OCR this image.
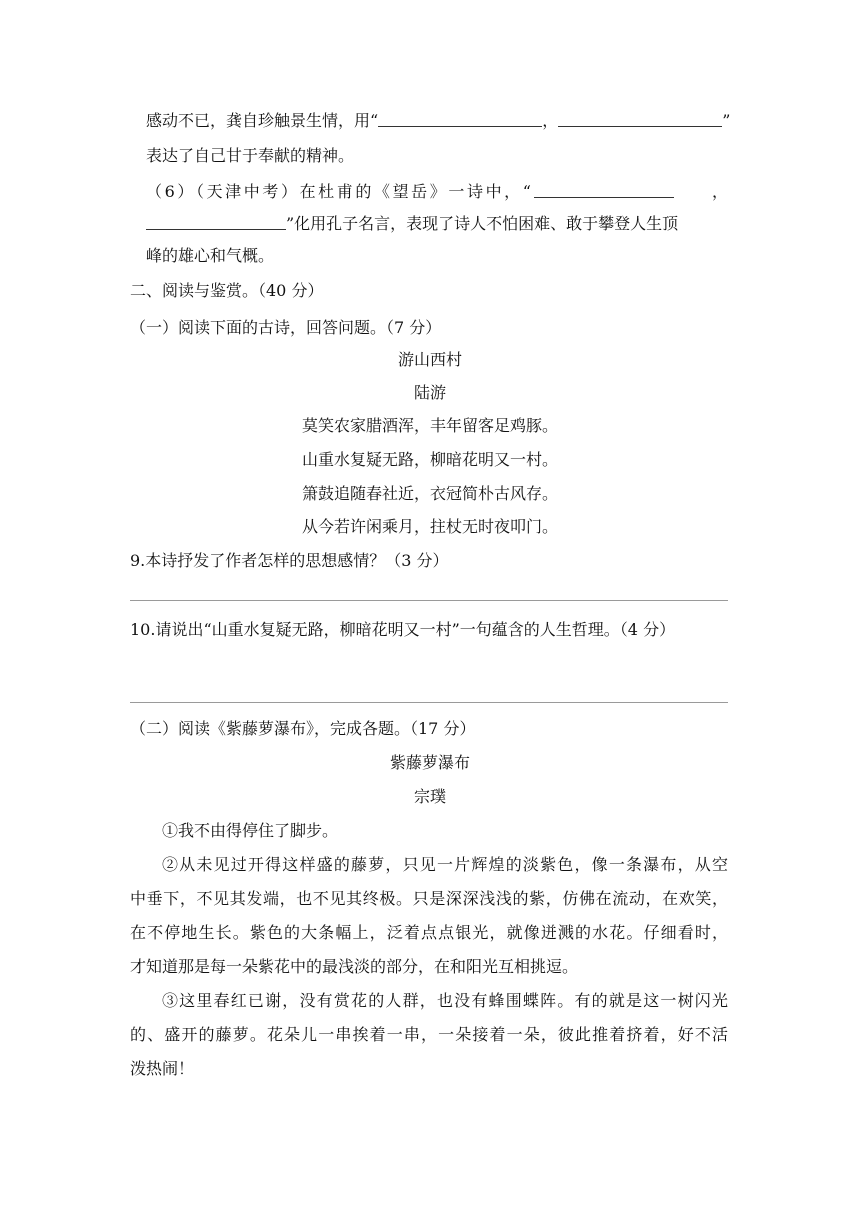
感动不已，龚自珍触景生情，用“	，	”
表达了自己甘于奉献的精神。
（6）（天津中考）在杜甫的《望岳》一诗中，“	，
”化用孔子名言，表现了诗人不怕困难、敢于攀登人生顶
峰的雄心和气概。
二、阅读与鉴赏。（40 分）
（一）阅读下面的古诗，回答问题。（7 分）
游山西村
陆游
莫笑农家腊酒浑，丰年留客足鸡豚。
山重水复疑无路，柳暗花明又一村。
箫鼓追随春社近，衣冠简朴古风存。
从今若许闲乘月，拄杖无时夜叩门。
9.本诗抒发了作者怎样的思想感情？（3 分）
10.请说出“山重水复疑无路，柳暗花明又一村”一句蕴含的人生哲理。（4 分）
（二）阅读《紫藤萝瀑布》，完成各题。（17 分）
紫藤萝瀑布
宗璞
①我不由得停住了脚步。
②从未见过开得这样盛的藤萝，只见一片辉煌的淡紫色，像一条瀑布，从空
中垂下，不见其发端，也不见其终极。只是深深浅浅的紫，仿佛在流动，在欢笑，
在不停地生长。紫色的大条幅上，泛着点点银光，就像迸溅的水花。仔细看时，
才知道那是每一朵紫花中的最浅淡的部分，在和阳光互相挑逗。
③这里春红已谢，没有赏花的人群，也没有蜂围蝶阵。有的就是这一树闪光
的、盛开的藤萝。花朵儿一串挨着一串，一朵接着一朵，彼此推着挤着，好不活
泼热闹！
